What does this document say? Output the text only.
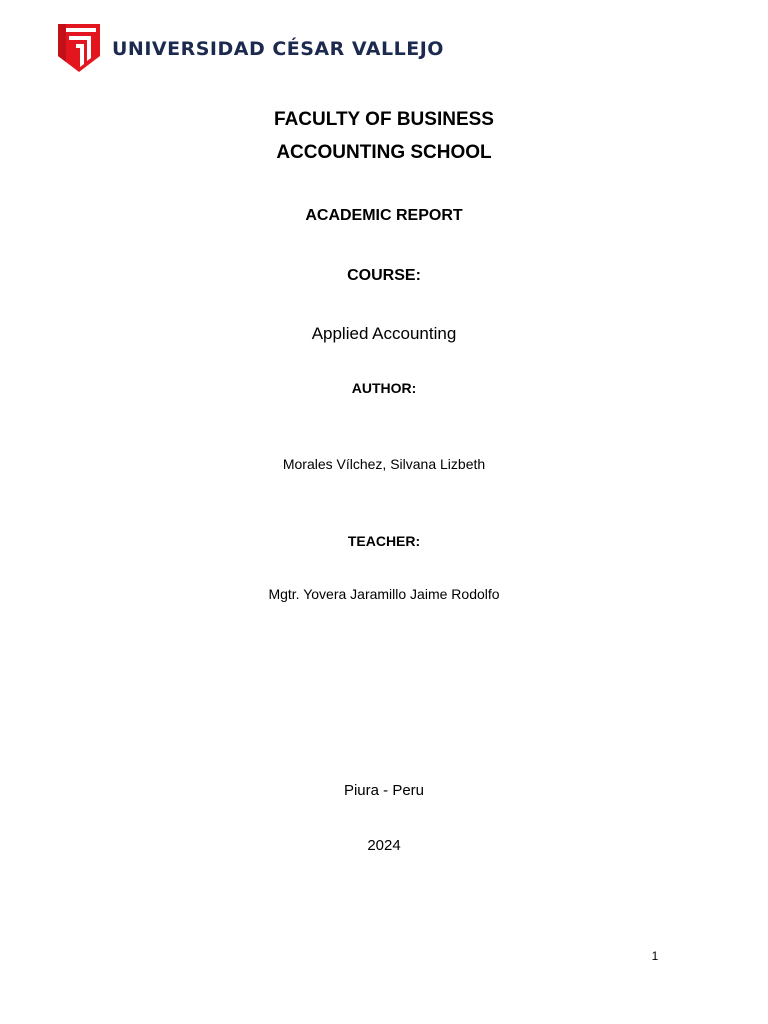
UNIVERSIDAD CÉSAR VALLEJO
FACULTY OF BUSINESS
ACCOUNTING SCHOOL
ACADEMIC REPORT
COURSE:
Applied Accounting
AUTHOR:
Morales Vílchez, Silvana Lizbeth
TEACHER:
Mgtr. Yovera Jaramillo Jaime Rodolfo
Piura - Peru
2024
1
